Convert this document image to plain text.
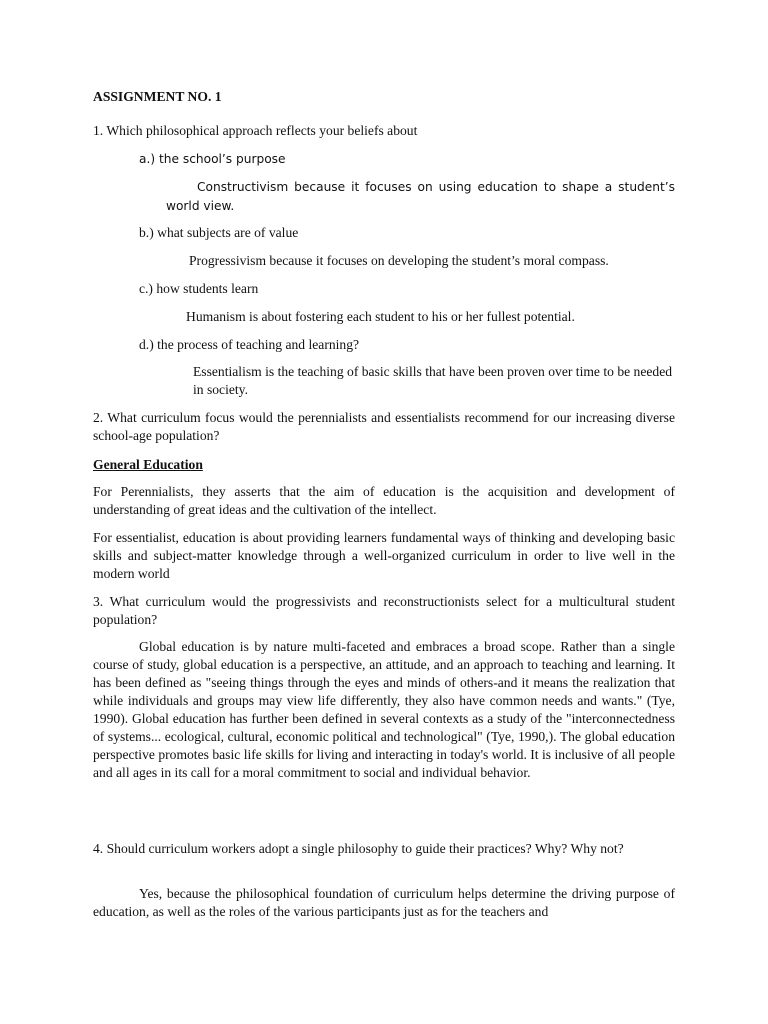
ASSIGNMENT NO. 1

1. Which philosophical approach reflects your beliefs about

a.) the school’s purpose

Constructivism because it focuses on using education to shape a student’s world view.

b.) what subjects are of value

Progressivism because it focuses on developing the student’s moral compass.

c.) how students learn

Humanism is about fostering each student to his or her fullest potential.

d.) the process of teaching and learning?

Essentialism is the teaching of basic skills that have been proven over time to be needed in society.

2. What curriculum focus would the perennialists and essentialists recommend for our increasing diverse school-age population?

General Education

For Perennialists, they asserts that the aim of education is the acquisition and development of understanding of great ideas and the cultivation of the intellect.

For essentialist, education is about providing learners fundamental ways of thinking and developing basic skills and subject-matter knowledge through a well-organized curriculum in order to live well in the modern world

3. What curriculum would the progressivists and reconstructionists select for a multicultural student population?

Global education is by nature multi-faceted and embraces a broad scope. Rather than a single course of study, global education is a perspective, an attitude, and an approach to teaching and learning. It has been defined as "seeing things through the eyes and minds of others-and it means the realization that while individuals and groups may view life differently, they also have common needs and wants." (Tye, 1990). Global education has further been defined in several contexts as a study of the "interconnectedness of systems... ecological, cultural, economic political and technological" (Tye, 1990,). The global education perspective promotes basic life skills for living and interacting in today's world. It is inclusive of all people and all ages in its call for a moral commitment to social and individual behavior.

4. Should curriculum workers adopt a single philosophy to guide their practices? Why? Why not?

Yes, because the philosophical foundation of curriculum helps determine the driving purpose of education, as well as the roles of the various participants just as for the teachers and
